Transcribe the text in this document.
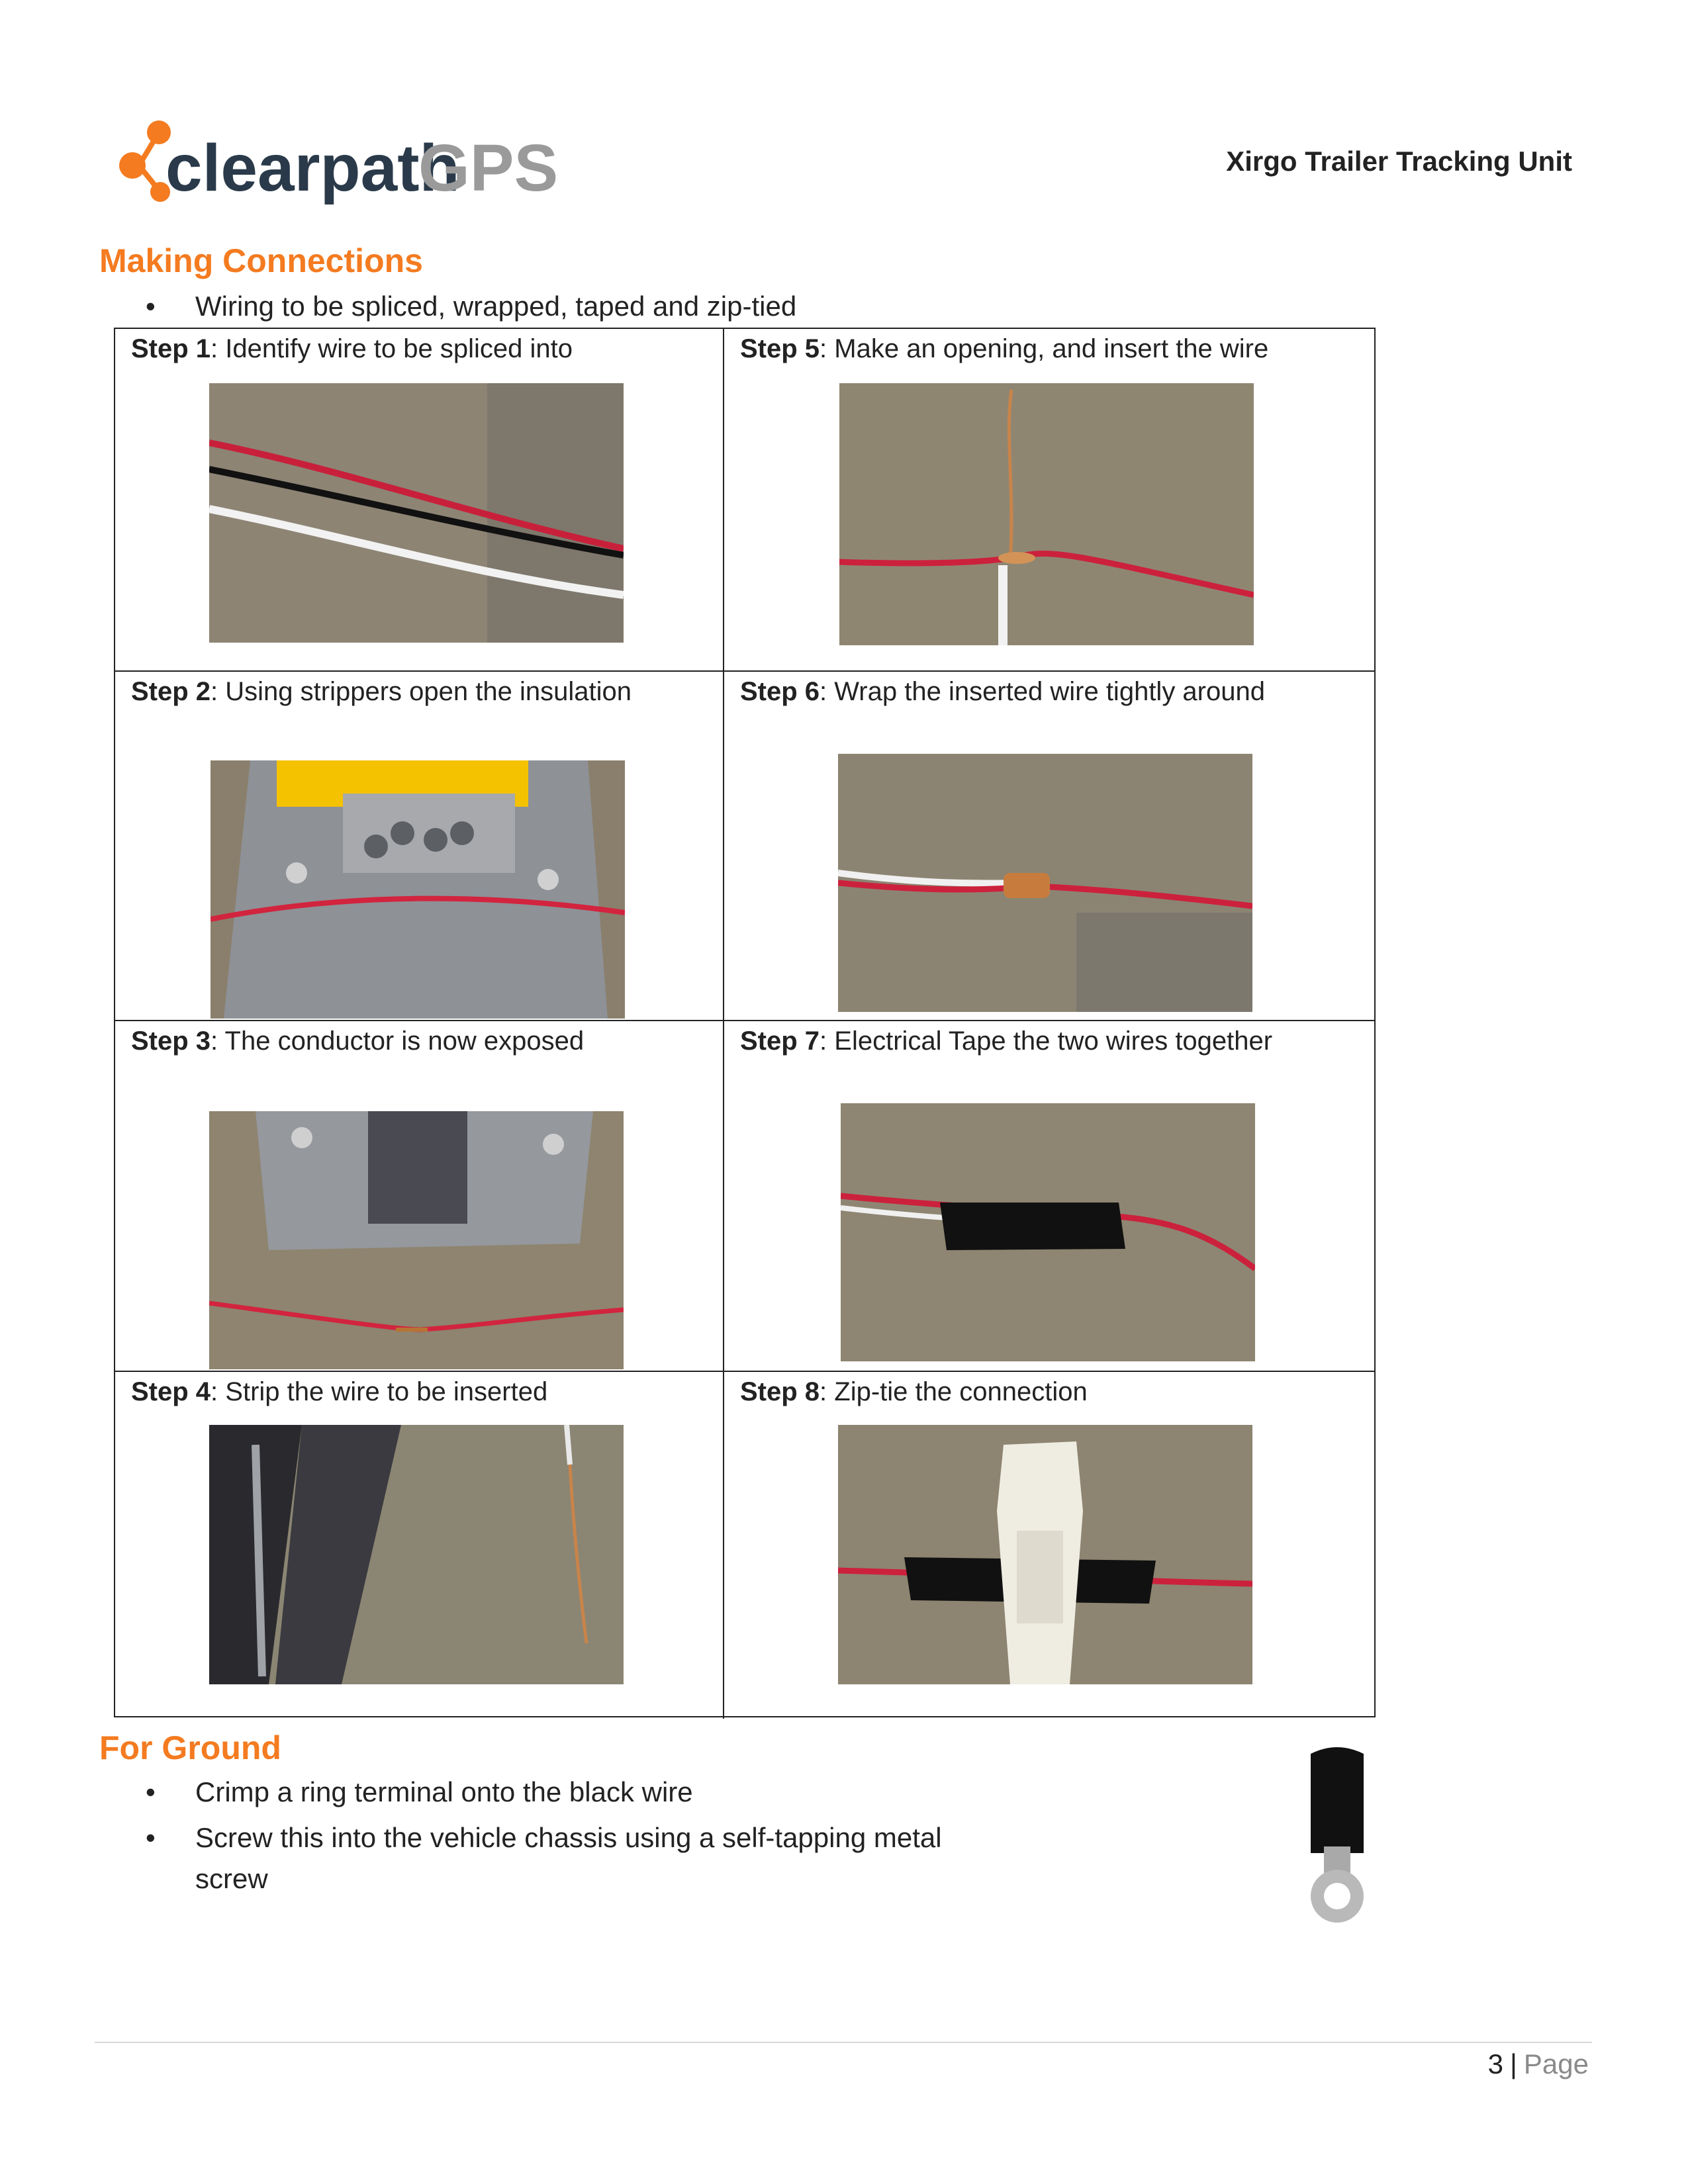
clearpath
GPS	Xirgo Trailer Tracking Unit
Making Connections
• Wiring to be spliced, wrapped, taped and zip-tied
Step 1: Identify wire to be spliced into
Step 2: Using strippers open the insulation
Step 3: The conductor is now exposed
Step 4: Strip the wire to be inserted
Step 5: Make an opening, and insert the wire
Step 6: Wrap the inserted wire tightly around
Step 7: Electrical Tape the two wires together
Step 8: Zip-tie the connection
For Ground
• Crimp a ring terminal onto the black wire
• Screw this into the vehicle chassis using a self-tapping metal screw
3 | Page
